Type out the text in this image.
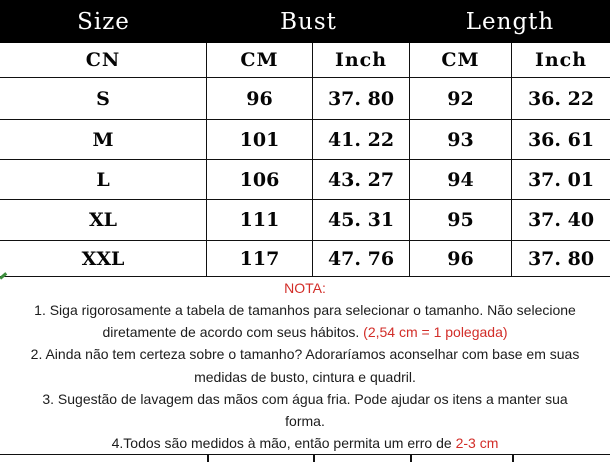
Size	Bust	Length
CN	CM	Inch	CM	Inch
S	96	37. 80	92	36. 22
M	101	41. 22	93	36. 61
L	106	43. 27	94	37. 01
XL	111	45. 31	95	37. 40
XXL	117	47. 76	96	37. 80

NOTA:

1. Siga rigorosamente a tabela de tamanhos para selecionar o tamanho. Não selecione

diretamente de acordo com seus hábitos. (2,54 cm = 1 polegada)

2. Ainda não tem certeza sobre o tamanho? Adoraríamos aconselhar com base em suas

medidas de busto, cintura e quadril.

3. Sugestão de lavagem das mãos com água fria. Pode ajudar os itens a manter sua

forma.

4.Todos são medidos à mão, então permita um erro de 2-3 cm
